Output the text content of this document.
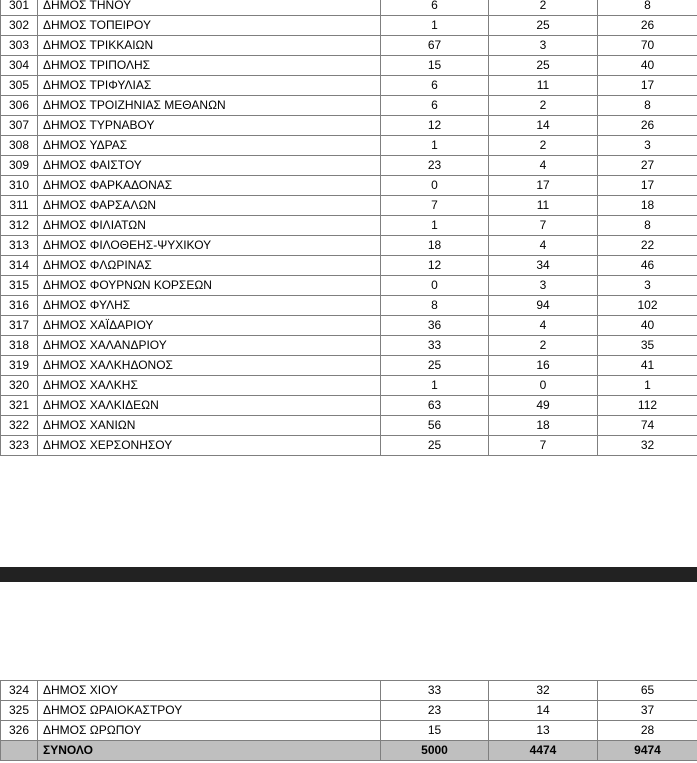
301	ΔΗΜΟΣ ΤΗΝΟΥ	6	2	8
302	ΔΗΜΟΣ ΤΟΠΕΙΡΟΥ	1	25	26
303	ΔΗΜΟΣ ΤΡΙΚΚΑΙΩΝ	67	3	70
304	ΔΗΜΟΣ ΤΡΙΠΟΛΗΣ	15	25	40
305	ΔΗΜΟΣ ΤΡΙΦΥΛΙΑΣ	6	11	17
306	ΔΗΜΟΣ ΤΡΟΙΖΗΝΙΑΣ ΜΕΘΑΝΩΝ	6	2	8
307	ΔΗΜΟΣ ΤΥΡΝΑΒΟΥ	12	14	26
308	ΔΗΜΟΣ ΥΔΡΑΣ	1	2	3
309	ΔΗΜΟΣ ΦΑΙΣΤΟΥ	23	4	27
310	ΔΗΜΟΣ ΦΑΡΚΑΔΟΝΑΣ	0	17	17
311	ΔΗΜΟΣ ΦΑΡΣΑΛΩΝ	7	11	18
312	ΔΗΜΟΣ ΦΙΛΙΑΤΩΝ	1	7	8
313	ΔΗΜΟΣ ΦΙΛΟΘΕΗΣ-ΨΥΧΙΚΟΥ	18	4	22
314	ΔΗΜΟΣ ΦΛΩΡΙΝΑΣ	12	34	46
315	ΔΗΜΟΣ ΦΟΥΡΝΩΝ ΚΟΡΣΕΩΝ	0	3	3
316	ΔΗΜΟΣ ΦΥΛΗΣ	8	94	102
317	ΔΗΜΟΣ ΧΑΪΔΑΡΙΟΥ	36	4	40
318	ΔΗΜΟΣ ΧΑΛΑΝΔΡΙΟΥ	33	2	35
319	ΔΗΜΟΣ ΧΑΛΚΗΔΟΝΟΣ	25	16	41
320	ΔΗΜΟΣ ΧΑΛΚΗΣ	1	0	1
321	ΔΗΜΟΣ ΧΑΛΚΙΔΕΩΝ	63	49	112
322	ΔΗΜΟΣ ΧΑΝΙΩΝ	56	18	74
323	ΔΗΜΟΣ ΧΕΡΣΟΝΗΣΟΥ	25	7	32
324	ΔΗΜΟΣ ΧΙΟΥ	33	32	65
325	ΔΗΜΟΣ ΩΡΑΙΟΚΑΣΤΡΟΥ	23	14	37
326	ΔΗΜΟΣ ΩΡΩΠΟΥ	15	13	28
	ΣΥΝΟΛΟ	5000	4474	9474
